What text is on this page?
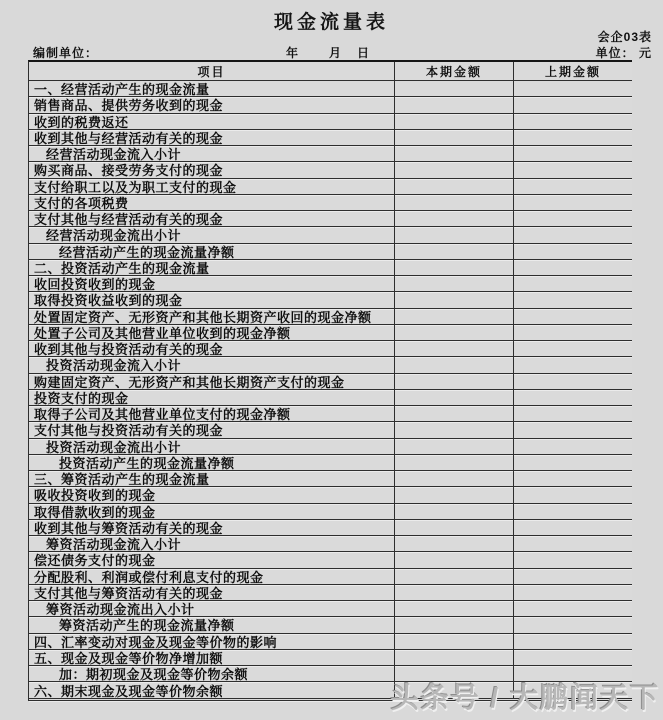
现金流量表
会企03表
编制单位：	年	月 日	单位： 元
项目	本期金额	上期金额
一、经营活动产生的现金流量
销售商品、提供劳务收到的现金
收到的税费返还
收到其他与经营活动有关的现金
经营活动现金流入小计
购买商品、接受劳务支付的现金
支付给职工以及为职工支付的现金
支付的各项税费
支付其他与经营活动有关的现金
经营活动现金流出小计
经营活动产生的现金流量净额
二、投资活动产生的现金流量
收回投资收到的现金
取得投资收益收到的现金
处置固定资产、无形资产和其他长期资产收回的现金净额
处置子公司及其他营业单位收到的现金净额
收到其他与投资活动有关的现金
投资活动现金流入小计
购建固定资产、无形资产和其他长期资产支付的现金
投资支付的现金
取得子公司及其他营业单位支付的现金净额
支付其他与投资活动有关的现金
投资活动现金流出小计
投资活动产生的现金流量净额
三、筹资活动产生的现金流量
吸收投资收到的现金
取得借款收到的现金
收到其他与筹资活动有关的现金
筹资活动现金流入小计
偿还债务支付的现金
分配股利、利润或偿付利息支付的现金
支付其他与筹资活动有关的现金
筹资活动现金流出入小计
筹资活动产生的现金流量净额
四、汇率变动对现金及现金等价物的影响
五、现金及现金等价物净增加额
加：期初现金及现金等价物余额
六、期末现金及现金等价物余额	头条号 / 大鹏闻天下
